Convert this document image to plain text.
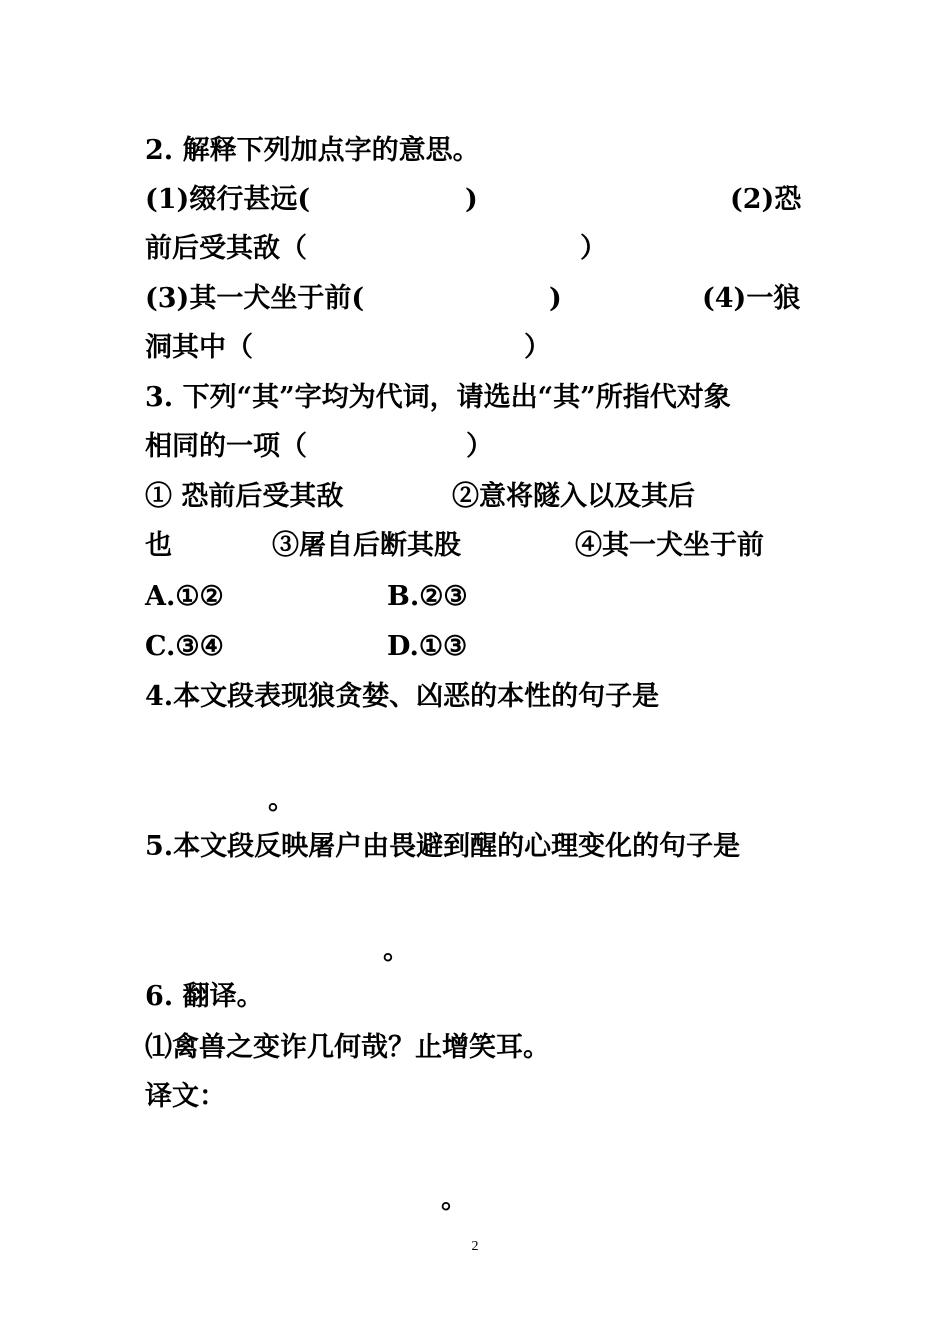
2. 解释下列加点字的意思。
(1)缀行甚远(	)	(2)恐
前后受其敌（	）
(3)其一犬坐于前(	)	(4)一狼
洞其中（	）
3. 下列“其”字均为代词，请选出“其”所指代对象
相同的一项（	）
① 恐前后受其敌	②意将隧入以及其后
也	③屠自后断其股	④其一犬坐于前
A.①②	B.②③
C.③④	D.①③
4.本文段表现狼贪婪、凶恶的本性的句子是
。
5.本文段反映屠户由畏避到醒的心理变化的句子是
。
6. 翻译。
⑴禽兽之变诈几何哉？止增笑耳。
译文：
。
2
